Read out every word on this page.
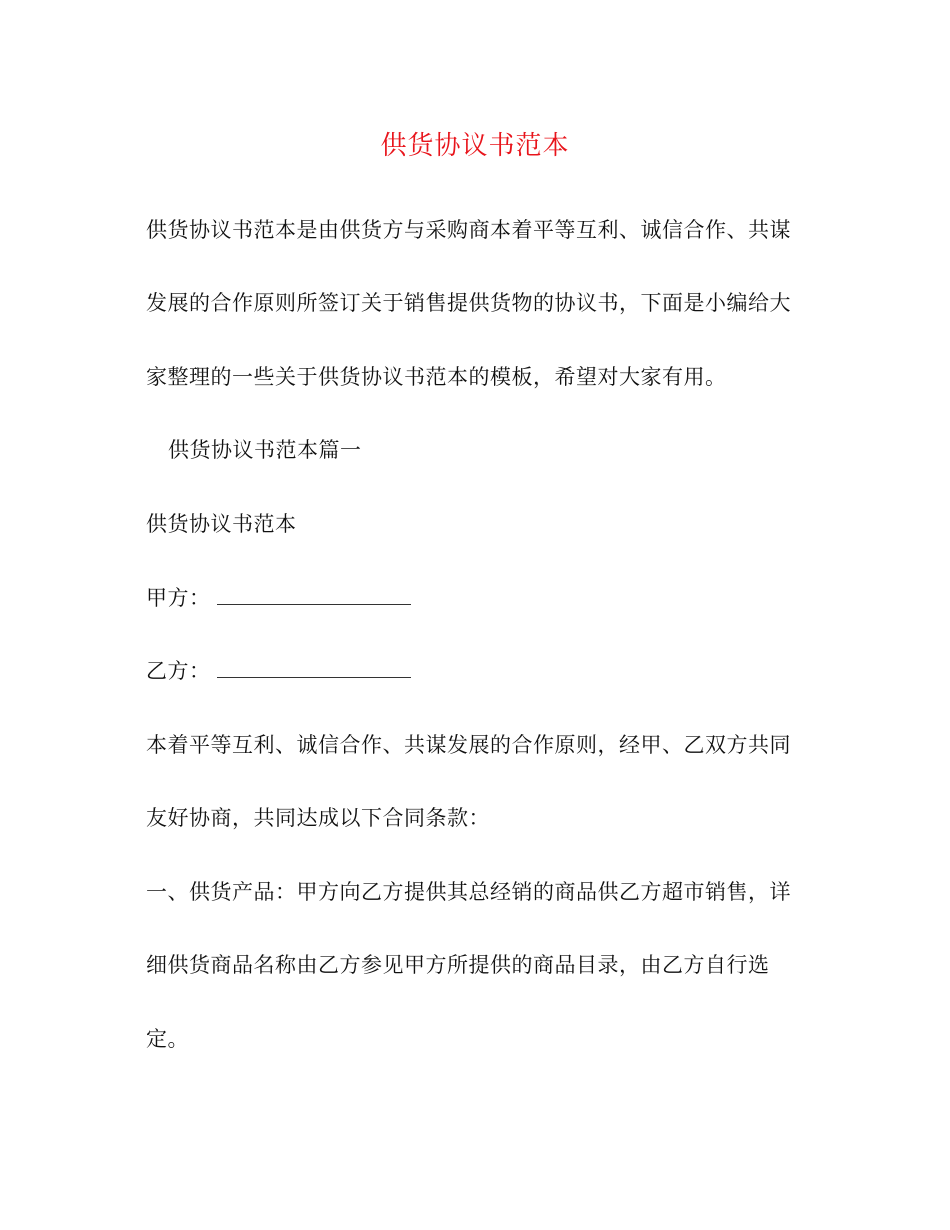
供货协议书范本
供货协议书范本是由供货方与采购商本着平等互利、诚信合作、共谋
发展的合作原则所签订关于销售提供货物的协议书，下面是小编给大
家整理的一些关于供货协议书范本的模板，希望对大家有用。
供货协议书范本篇一
供货协议书范本
甲方：
乙方：
本着平等互利、诚信合作、共谋发展的合作原则，经甲、乙双方共同
友好协商，共同达成以下合同条款：
一、供货产品：甲方向乙方提供其总经销的商品供乙方超市销售，详
细供货商品名称由乙方参见甲方所提供的商品目录，由乙方自行选
定。
